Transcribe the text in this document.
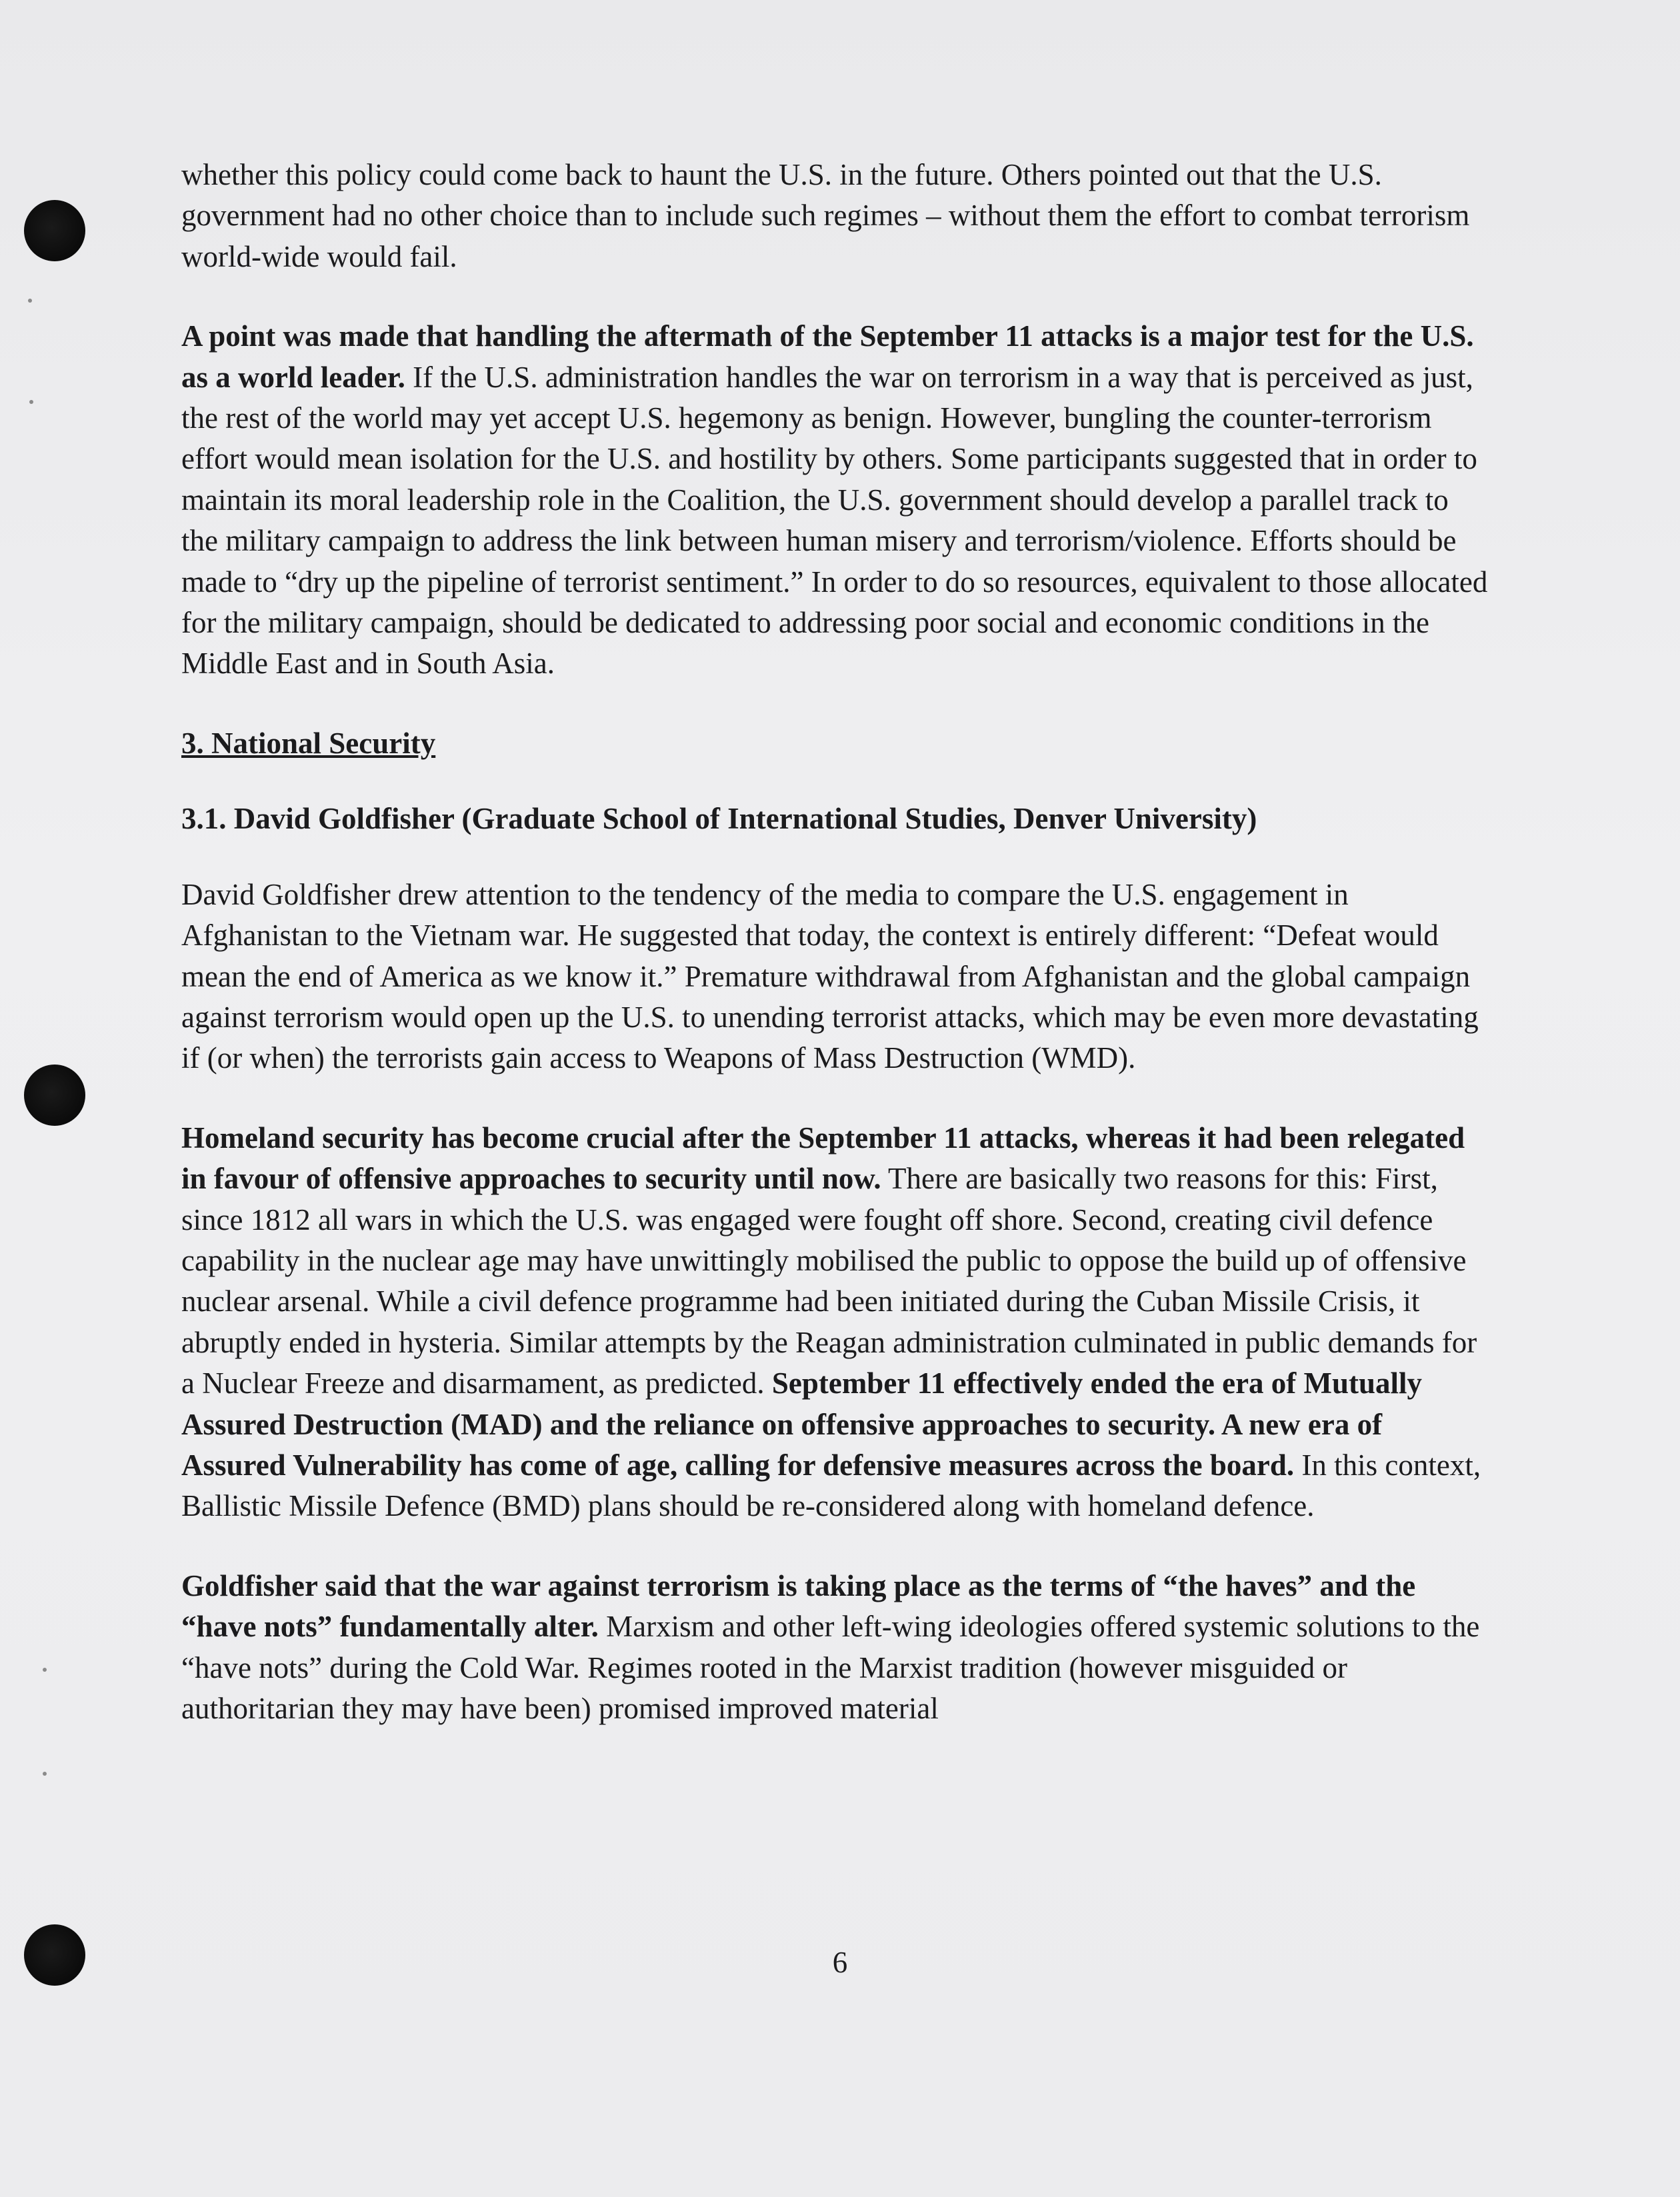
whether this policy could come back to haunt the U.S. in the future. Others pointed out that the U.S. government had no other choice than to include such regimes – without them the effort to combat terrorism world-wide would fail.

A point was made that handling the aftermath of the September 11 attacks is a major test for the U.S. as a world leader. If the U.S. administration handles the war on terrorism in a way that is perceived as just, the rest of the world may yet accept U.S. hegemony as benign. However, bungling the counter-terrorism effort would mean isolation for the U.S. and hostility by others. Some participants suggested that in order to maintain its moral leadership role in the Coalition, the U.S. government should develop a parallel track to the military campaign to address the link between human misery and terrorism/violence. Efforts should be made to “dry up the pipeline of terrorist sentiment.” In order to do so resources, equivalent to those allocated for the military campaign, should be dedicated to addressing poor social and economic conditions in the Middle East and in South Asia.

3. National Security

3.1. David Goldfisher (Graduate School of International Studies, Denver University)

David Goldfisher drew attention to the tendency of the media to compare the U.S. engagement in Afghanistan to the Vietnam war. He suggested that today, the context is entirely different: “Defeat would mean the end of America as we know it.” Premature withdrawal from Afghanistan and the global campaign against terrorism would open up the U.S. to unending terrorist attacks, which may be even more devastating if (or when) the terrorists gain access to Weapons of Mass Destruction (WMD).

Homeland security has become crucial after the September 11 attacks, whereas it had been relegated in favour of offensive approaches to security until now. There are basically two reasons for this: First, since 1812 all wars in which the U.S. was engaged were fought off shore. Second, creating civil defence capability in the nuclear age may have unwittingly mobilised the public to oppose the build up of offensive nuclear arsenal. While a civil defence programme had been initiated during the Cuban Missile Crisis, it abruptly ended in hysteria. Similar attempts by the Reagan administration culminated in public demands for a Nuclear Freeze and disarmament, as predicted. September 11 effectively ended the era of Mutually Assured Destruction (MAD) and the reliance on offensive approaches to security. A new era of Assured Vulnerability has come of age, calling for defensive measures across the board. In this context, Ballistic Missile Defence (BMD) plans should be re-considered along with homeland defence.

Goldfisher said that the war against terrorism is taking place as the terms of “the haves” and the “have nots” fundamentally alter. Marxism and other left-wing ideologies offered systemic solutions to the “have nots” during the Cold War. Regimes rooted in the Marxist tradition (however misguided or authoritarian they may have been) promised improved material

6
